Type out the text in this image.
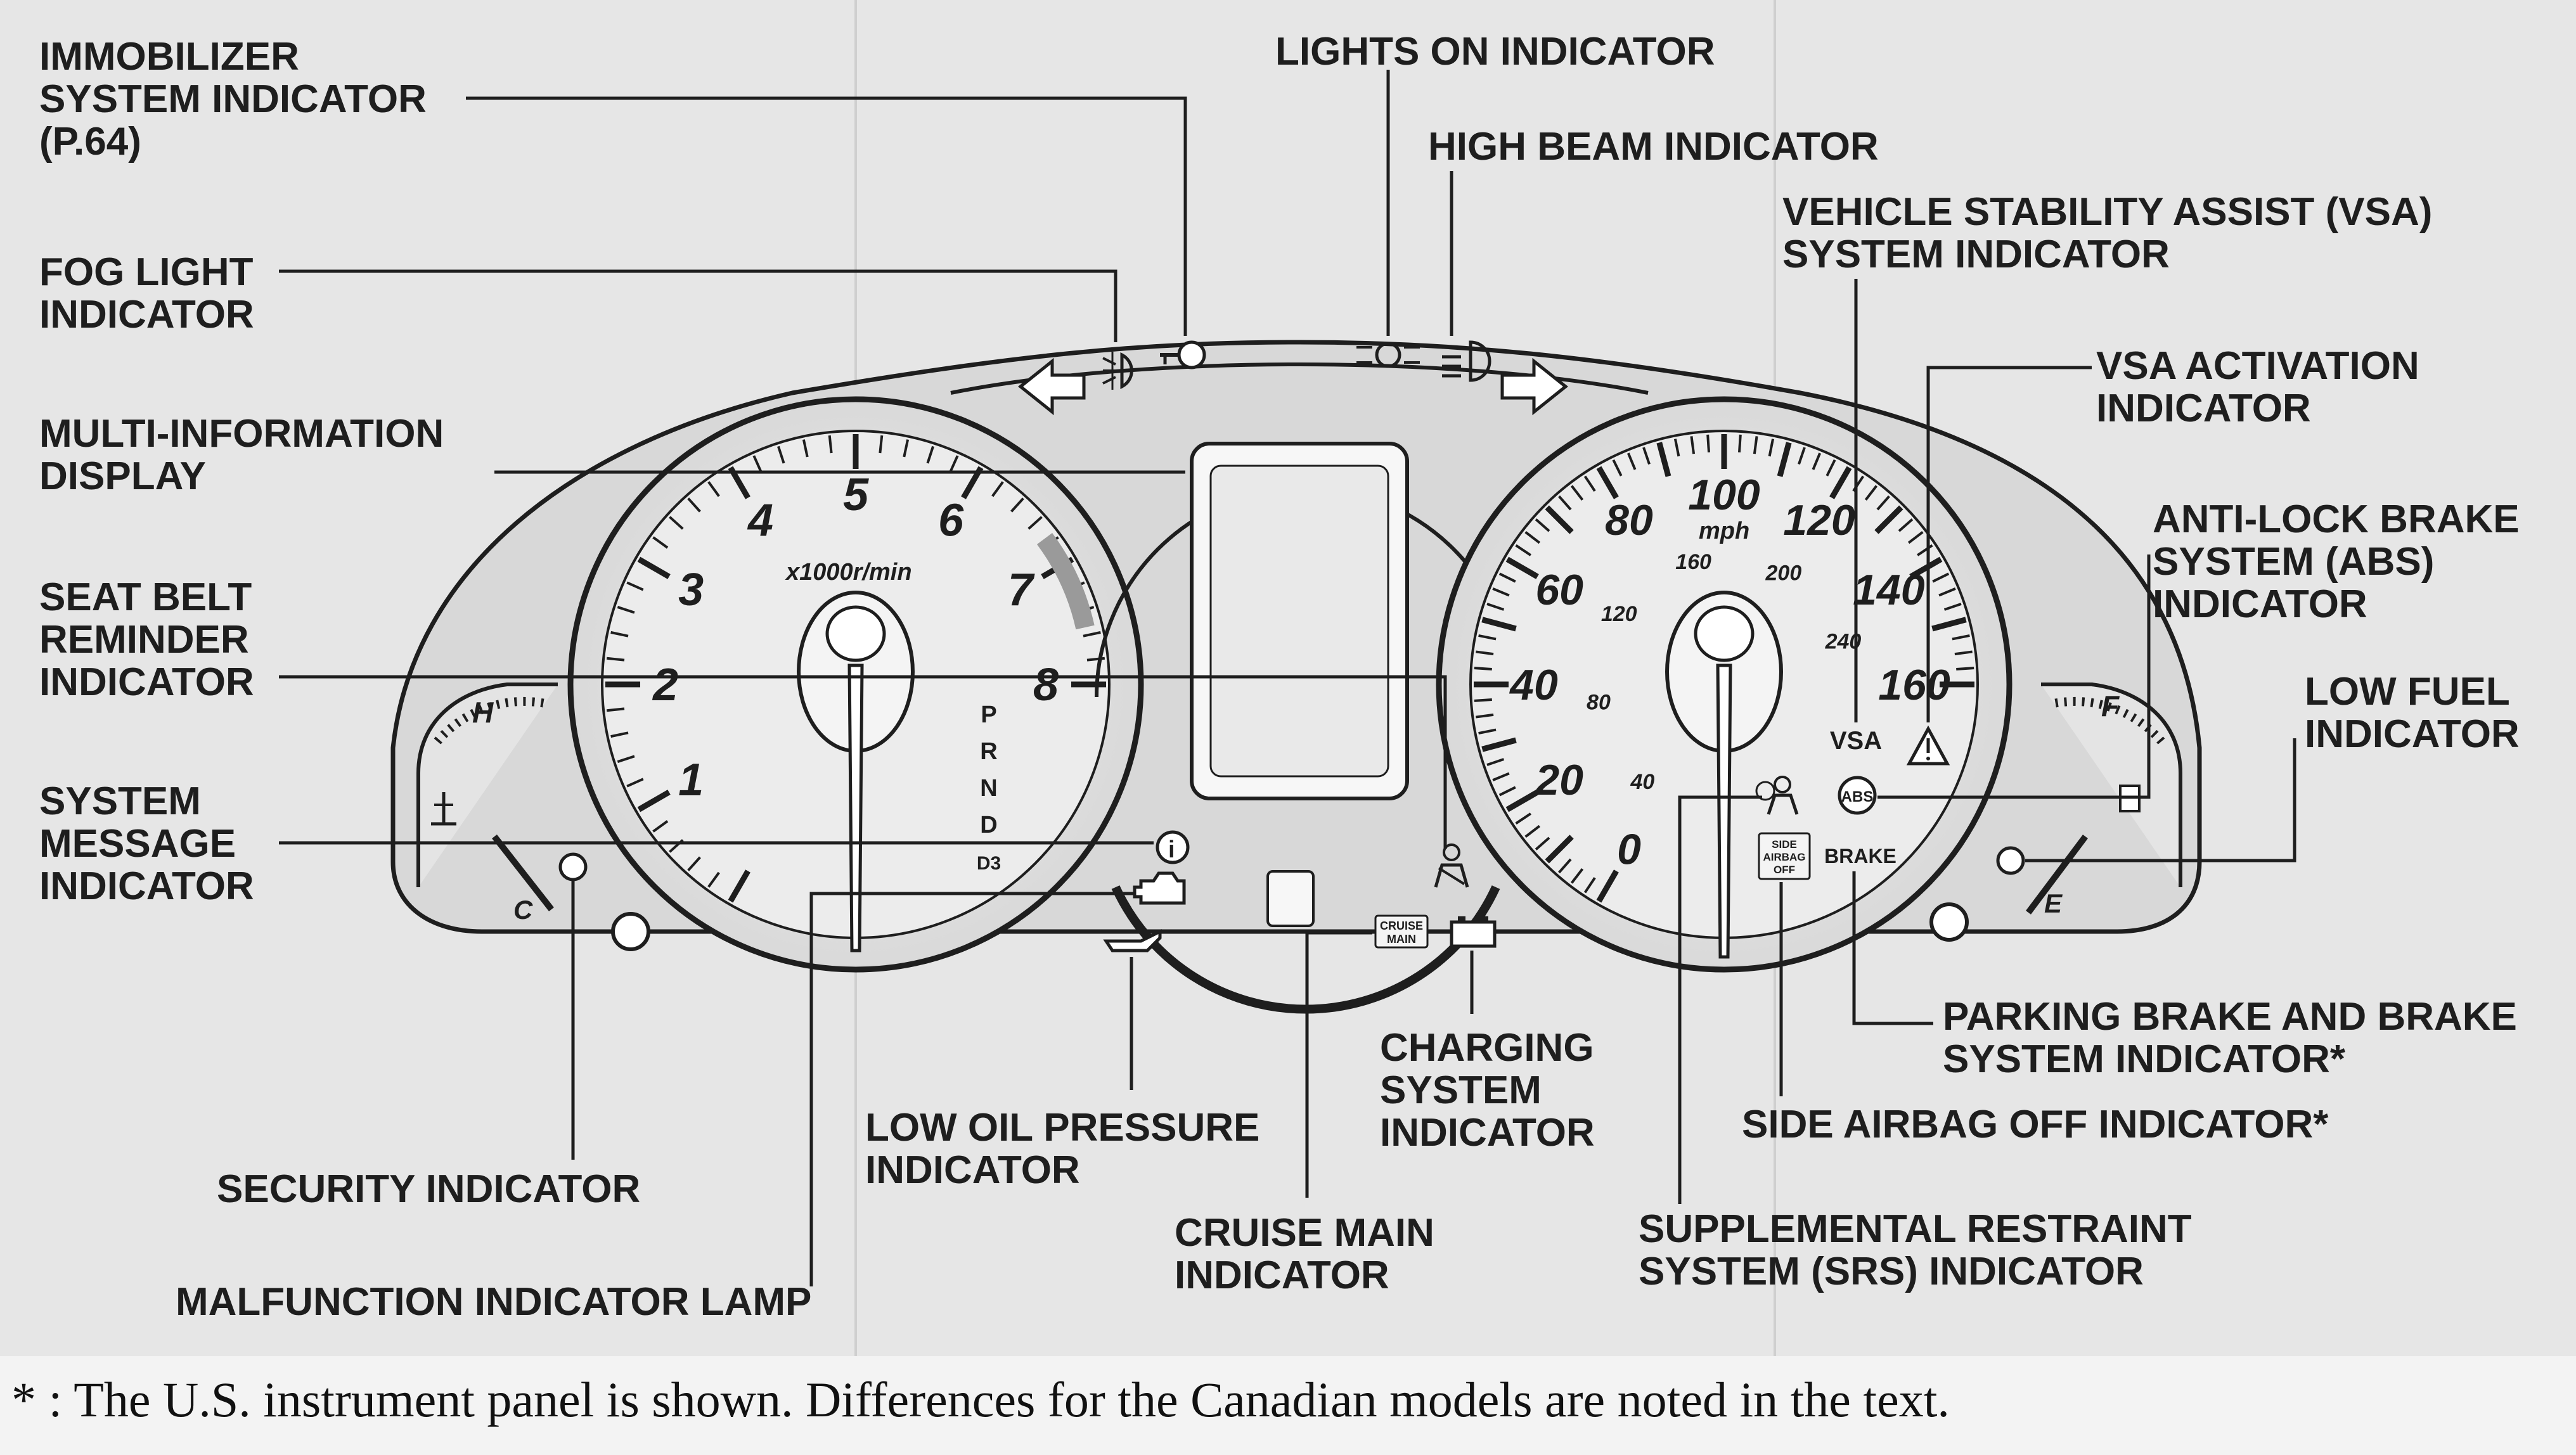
H
C
1
2
3
4
5
6
7
8
x1000r/min
P
R
N
D
D3
i
CRUISE
MAIN
0
20
40
60
80
100
120
140
160
40
80
120
160	200
240
mph
SIDE
AIRBAG
OFF
VSA
ABS
BRAKE
F
E
IMMOBILIZER
SYSTEM INDICATOR
(P.64)
FOG LIGHT
INDICATOR
MULTI-INFORMATION
DISPLAY
SEAT BELT
REMINDER
INDICATOR
SYSTEM
MESSAGE
INDICATOR
SECURITY INDICATOR
MALFUNCTION INDICATOR LAMP
LOW OIL PRESSURE
INDICATOR
CRUISE MAIN
INDICATOR
CHARGING
SYSTEM
INDICATOR
SUPPLEMENTAL RESTRAINT
SYSTEM (SRS) INDICATOR
SIDE AIRBAG OFF INDICATOR*
PARKING BRAKE AND BRAKE
SYSTEM INDICATOR*
LIGHTS ON INDICATOR
HIGH BEAM INDICATOR
VEHICLE STABILITY ASSIST (VSA)
SYSTEM INDICATOR
VSA ACTIVATION
INDICATOR
ANTI-LOCK BRAKE
SYSTEM (ABS)
INDICATOR
LOW FUEL
INDICATOR
* : The U.S. instrument panel is shown. Differences for the Canadian models are noted in the text.
